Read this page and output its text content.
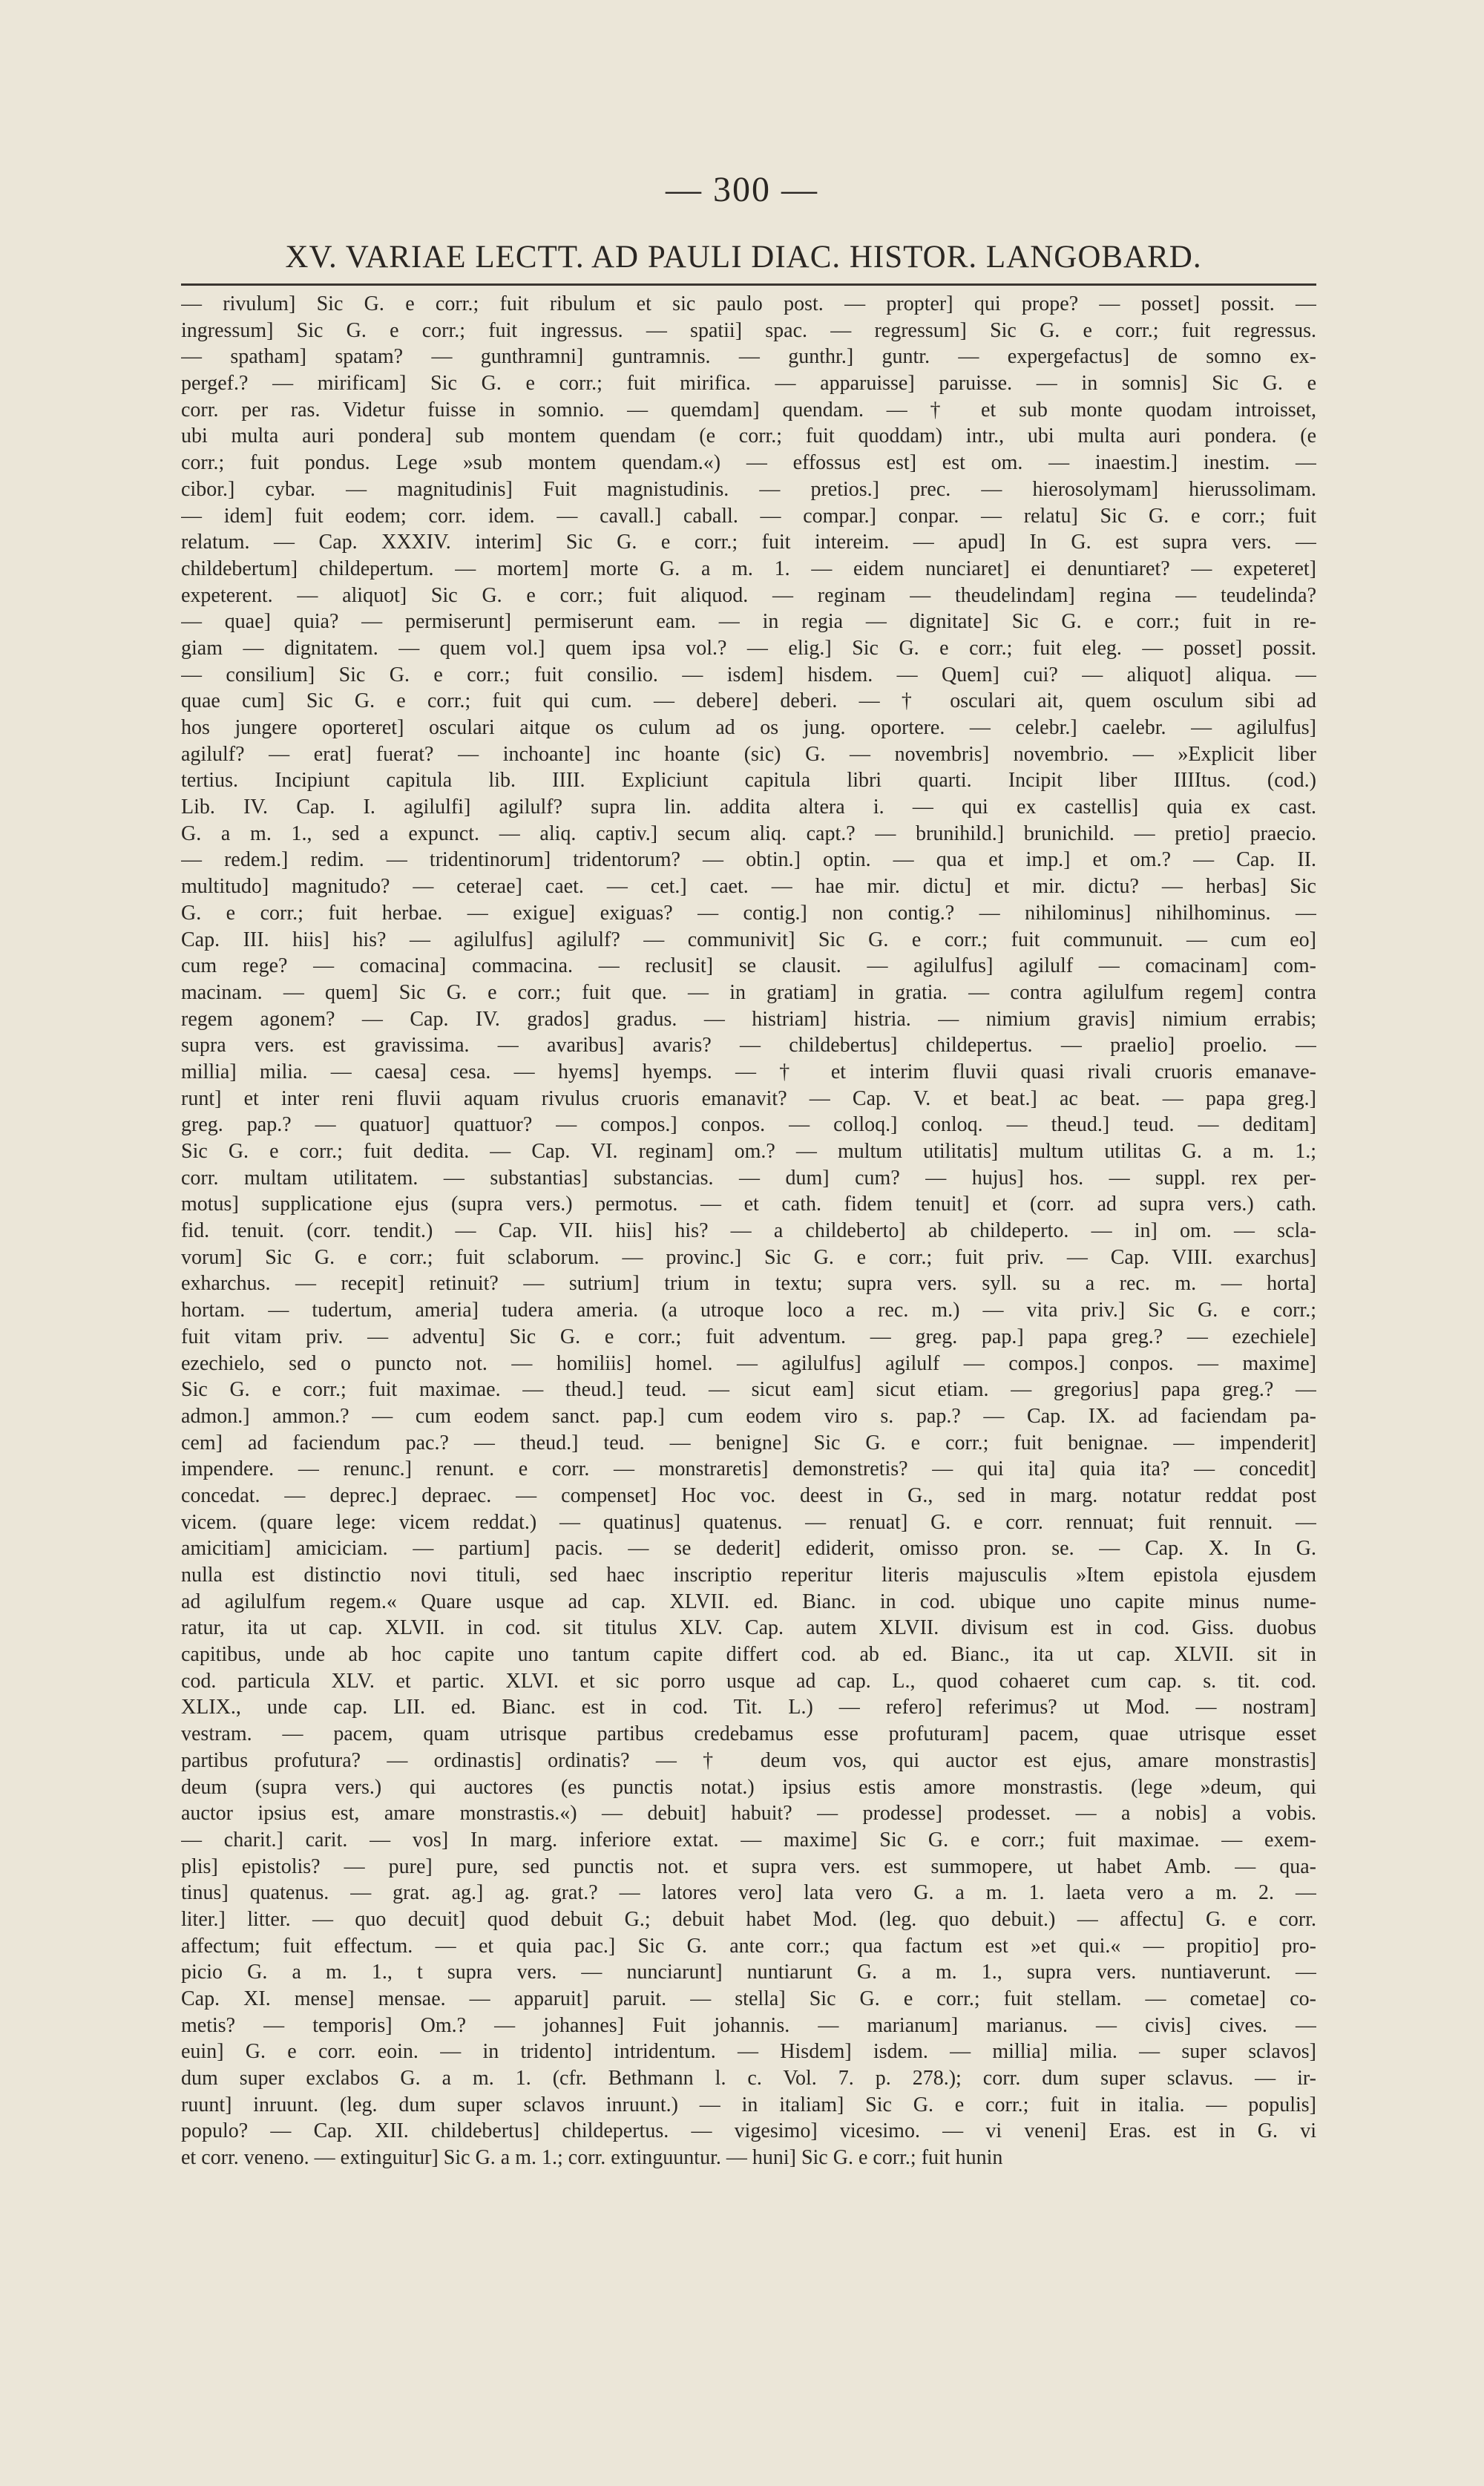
— 300 —
XV. VARIAE LECTT. AD PAULI DIAC. HISTOR. LANGOBARD.
— rivulum] Sic G. e corr.; fuit ribulum et sic paulo post. — propter] qui prope? — posset] possit. —
ingressum] Sic G. e corr.; fuit ingressus. — spatii] spac. — regressum] Sic G. e corr.; fuit regressus.
— spatham] spatam? — gunthramni] guntramnis. — gunthr.] guntr. — expergefactus] de somno ex-
pergef.? — mirificam] Sic G. e corr.; fuit mirifica. — apparuisse] paruisse. — in somnis] Sic G. e
corr. per ras. Videtur fuisse in somnio. — quemdam] quendam. — † et sub monte quodam introisset,
ubi multa auri pondera] sub montem quendam (e corr.; fuit quoddam) intr., ubi multa auri pondera. (e
corr.; fuit pondus. Lege »sub montem quendam.«) — effossus est] est om. — inaestim.] inestim. —
cibor.] cybar. — magnitudinis] Fuit magnistudinis. — pretios.] prec. — hierosolymam] hierussolimam.
— idem] fuit eodem; corr. idem. — cavall.] caball. — compar.] conpar. — relatu] Sic G. e corr.; fuit
relatum. — Cap. XXXIV. interim] Sic G. e corr.; fuit intereim. — apud] In G. est supra vers. —
childebertum] childepertum. — mortem] morte G. a m. 1. — eidem nunciaret] ei denuntiaret? — expeteret]
expeterent. — aliquot] Sic G. e corr.; fuit aliquod. — reginam — theudelindam] regina — teudelinda?
— quae] quia? — permiserunt] permiserunt eam. — in regia — dignitate] Sic G. e corr.; fuit in re-
giam — dignitatem. — quem vol.] quem ipsa vol.? — elig.] Sic G. e corr.; fuit eleg. — posset] possit.
— consilium] Sic G. e corr.; fuit consilio. — isdem] hisdem. — Quem] cui? — aliquot] aliqua. —
quae cum] Sic G. e corr.; fuit qui cum. — debere] deberi. — † osculari ait, quem osculum sibi ad
hos jungere oporteret] osculari aitque os culum ad os jung. oportere. — celebr.] caelebr. — agilulfus]
agilulf? — erat] fuerat? — inchoante] inc hoante (sic) G. — novembris] novembrio. — »Explicit liber
tertius. Incipiunt capitula lib. IIII. Expliciunt capitula libri quarti. Incipit liber IIIItus. (cod.)
Lib. IV. Cap. I. agilulfi] agilulf? supra lin. addita altera i. — qui ex castellis] quia ex cast.
G. a m. 1., sed a expunct. — aliq. captiv.] secum aliq. capt.? — brunihild.] brunichild. — pretio] praecio.
— redem.] redim. — tridentinorum] tridentorum? — obtin.] optin. — qua et imp.] et om.? — Cap. II.
multitudo] magnitudo? — ceterae] caet. — cet.] caet. — hae mir. dictu] et mir. dictu? — herbas] Sic
G. e corr.; fuit herbae. — exigue] exiguas? — contig.] non contig.? — nihilominus] nihilhominus. —
Cap. III. hiis] his? — agilulfus] agilulf? — communivit] Sic G. e corr.; fuit communuit. — cum eo]
cum rege? — comacina] commacina. — reclusit] se clausit. — agilulfus] agilulf — comacinam] com-
macinam. — quem] Sic G. e corr.; fuit que. — in gratiam] in gratia. — contra agilulfum regem] contra
regem agonem? — Cap. IV. grados] gradus. — histriam] histria. — nimium gravis] nimium errabis;
supra vers. est gravissima. — avaribus] avaris? — childebertus] childepertus. — praelio] proelio. —
millia] milia. — caesa] cesa. — hyems] hyemps. — † et interim fluvii quasi rivali cruoris emanave-
runt] et inter reni fluvii aquam rivulus cruoris emanavit? — Cap. V. et beat.] ac beat. — papa greg.]
greg. pap.? — quatuor] quattuor? — compos.] conpos. — colloq.] conloq. — theud.] teud. — deditam]
Sic G. e corr.; fuit dedita. — Cap. VI. reginam] om.? — multum utilitatis] multum utilitas G. a m. 1.;
corr. multam utilitatem. — substantias] substancias. — dum] cum? — hujus] hos. — suppl. rex per-
motus] supplicatione ejus (supra vers.) permotus. — et cath. fidem tenuit] et (corr. ad supra vers.) cath.
fid. tenuit. (corr. tendit.) — Cap. VII. hiis] his? — a childeberto] ab childeperto. — in] om. — scla-
vorum] Sic G. e corr.; fuit sclaborum. — provinc.] Sic G. e corr.; fuit priv. — Cap. VIII. exarchus]
exharchus. — recepit] retinuit? — sutrium] trium in textu; supra vers. syll. su a rec. m. — horta]
hortam. — tudertum, ameria] tudera ameria. (a utroque loco a rec. m.) — vita priv.] Sic G. e corr.;
fuit vitam priv. — adventu] Sic G. e corr.; fuit adventum. — greg. pap.] papa greg.? — ezechiele]
ezechielo, sed o puncto not. — homiliis] homel. — agilulfus] agilulf — compos.] conpos. — maxime]
Sic G. e corr.; fuit maximae. — theud.] teud. — sicut eam] sicut etiam. — gregorius] papa greg.? —
admon.] ammon.? — cum eodem sanct. pap.] cum eodem viro s. pap.? — Cap. IX. ad faciendam pa-
cem] ad faciendum pac.? — theud.] teud. — benigne] Sic G. e corr.; fuit benignae. — impenderit]
impendere. — renunc.] renunt. e corr. — monstraretis] demonstretis? — qui ita] quia ita? — concedit]
concedat. — deprec.] depraec. — compenset] Hoc voc. deest in G., sed in marg. notatur reddat post
vicem. (quare lege: vicem reddat.) — quatinus] quatenus. — renuat] G. e corr. rennuat; fuit rennuit. —
amicitiam] amiciciam. — partium] pacis. — se dederit] ediderit, omisso pron. se. — Cap. X. In G.
nulla est distinctio novi tituli, sed haec inscriptio reperitur literis majusculis »Item epistola ejusdem
ad agilulfum regem.« Quare usque ad cap. XLVII. ed. Bianc. in cod. ubique uno capite minus nume-
ratur, ita ut cap. XLVII. in cod. sit titulus XLV. Cap. autem XLVII. divisum est in cod. Giss. duobus
capitibus, unde ab hoc capite uno tantum capite differt cod. ab ed. Bianc., ita ut cap. XLVII. sit in
cod. particula XLV. et partic. XLVI. et sic porro usque ad cap. L., quod cohaeret cum cap. s. tit. cod.
XLIX., unde cap. LII. ed. Bianc. est in cod. Tit. L.) — refero] referimus? ut Mod. — nostram]
vestram. — pacem, quam utrisque partibus credebamus esse profuturam] pacem, quae utrisque esset
partibus profutura? — ordinastis] ordinatis? — † deum vos, qui auctor est ejus, amare monstrastis]
deum (supra vers.) qui auctores (es punctis notat.) ipsius estis amore monstrastis. (lege »deum, qui
auctor ipsius est, amare monstrastis.«) — debuit] habuit? — prodesse] prodesset. — a nobis] a vobis.
— charit.] carit. — vos] In marg. inferiore extat. — maxime] Sic G. e corr.; fuit maximae. — exem-
plis] epistolis? — pure] pure, sed punctis not. et supra vers. est summopere, ut habet Amb. — qua-
tinus] quatenus. — grat. ag.] ag. grat.? — latores vero] lata vero G. a m. 1. laeta vero a m. 2. —
liter.] litter. — quo decuit] quod debuit G.; debuit habet Mod. (leg. quo debuit.) — affectu] G. e corr.
affectum; fuit effectum. — et quia pac.] Sic G. ante corr.; qua factum est »et qui.« — propitio] pro-
picio G. a m. 1., t supra vers. — nunciarunt] nuntiarunt G. a m. 1., supra vers. nuntiaverunt. —
Cap. XI. mense] mensae. — apparuit] paruit. — stella] Sic G. e corr.; fuit stellam. — cometae] co-
metis? — temporis] Om.? — johannes] Fuit johannis. — marianum] marianus. — civis] cives. —
euin] G. e corr. eoin. — in tridento] intridentum. — Hisdem] isdem. — millia] milia. — super sclavos]
dum super exclabos G. a m. 1. (cfr. Bethmann l. c. Vol. 7. p. 278.); corr. dum super sclavus. — ir-
ruunt] inruunt. (leg. dum super sclavos inruunt.) — in italiam] Sic G. e corr.; fuit in italia. — populis]
populo? — Cap. XII. childebertus] childepertus. — vigesimo] vicesimo. — vi veneni] Eras. est in G. vi
et corr. veneno. — extinguitur] Sic G. a m. 1.; corr. extinguuntur. — huni] Sic G. e corr.; fuit hunin
